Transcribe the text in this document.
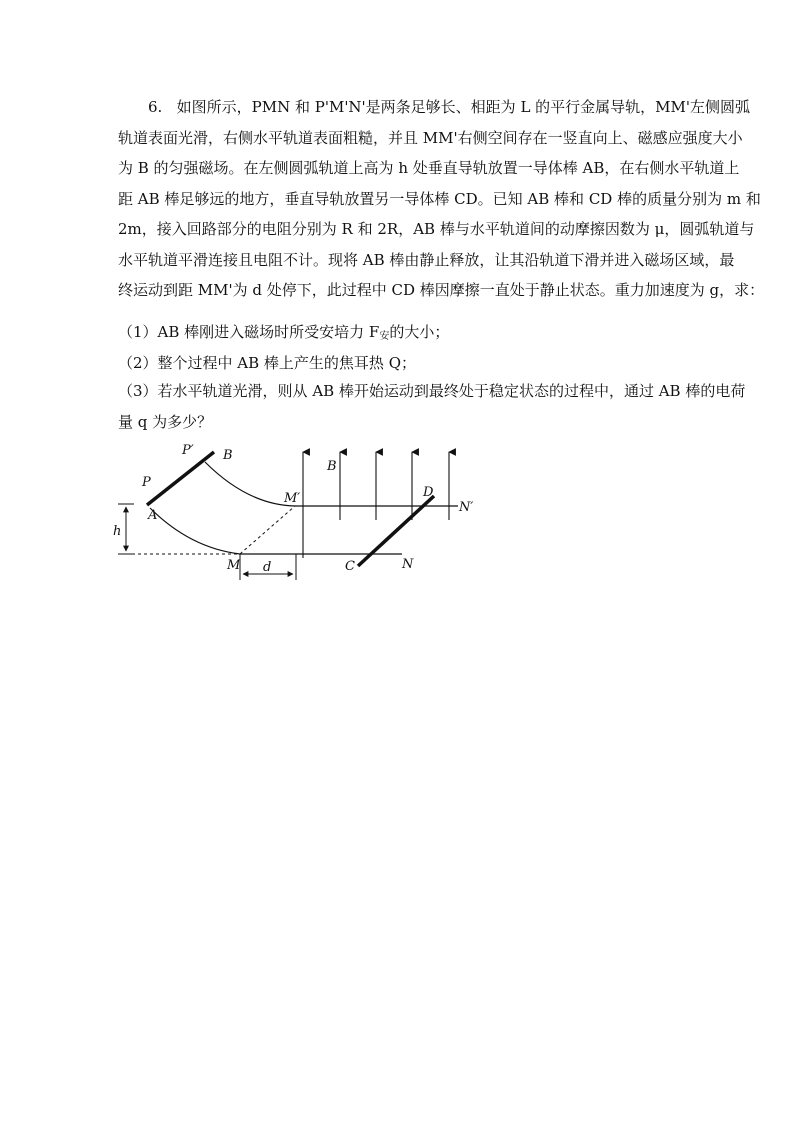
6. 如图所示，PMN 和 P'M'N'是两条足够长、相距为 L 的平行金属导轨，MM'左侧圆弧
轨道表面光滑，右侧水平轨道表面粗糙，并且 MM'右侧空间存在一竖直向上、磁感应强度大小
为 B 的匀强磁场。在左侧圆弧轨道上高为 h 处垂直导轨放置一导体棒 AB，在右侧水平轨道上
距 AB 棒足够远的地方，垂直导轨放置另一导体棒 CD。已知 AB 棒和 CD 棒的质量分别为 m 和
2m，接入回路部分的电阻分别为 R 和 2R，AB 棒与水平轨道间的动摩擦因数为 μ，圆弧轨道与
水平轨道平滑连接且电阻不计。现将 AB 棒由静止释放，让其沿轨道下滑并进入磁场区域，最
终运动到距 MM'为 d 处停下，此过程中 CD 棒因摩擦一直处于静止状态。重力加速度为 g，求：
（1）AB 棒刚进入磁场时所受安培力 $F_安$的大小；
（2）整个过程中 AB 棒上产生的焦耳热 Q；
（3）若水平轨道光滑，则从 AB 棒开始运动到最终处于稳定状态的过程中，通过 AB 棒的电荷
量 q 为多少？
P′ B
B
M′	D
N′
P
A
h
M d	C	N
